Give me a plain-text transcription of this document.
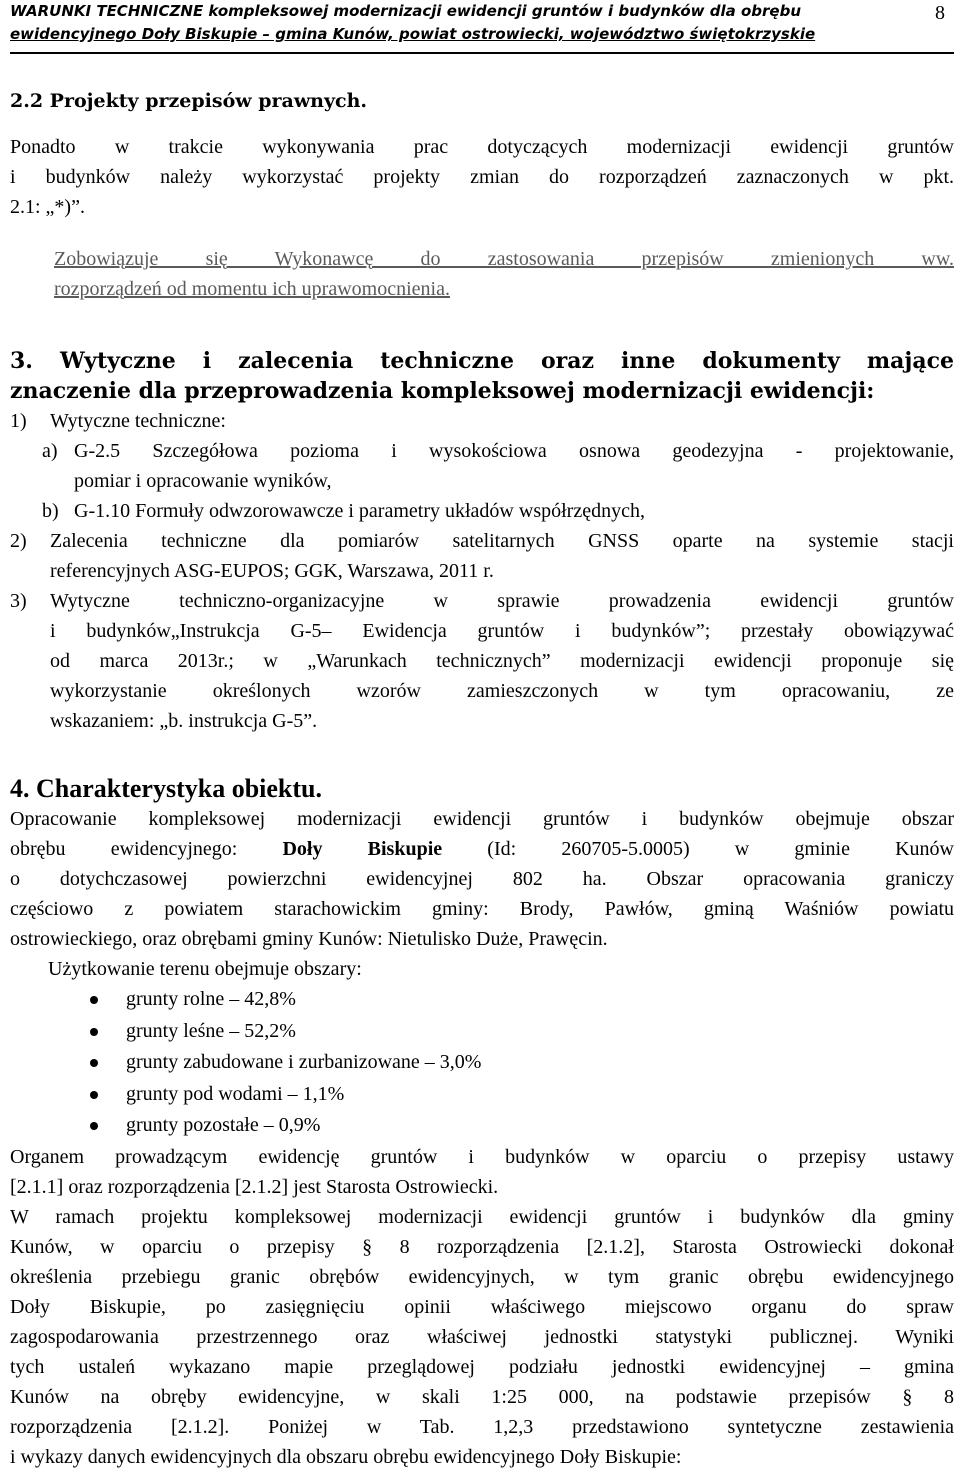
WARUNKI TECHNICZNE kompleksowej modernizacji ewidencji gruntów i budynków dla obrębu
ewidencyjnego Doły Biskupie – gmina Kunów, powiat ostrowiecki, województwo świętokrzyskie
8

2.2 Projekty przepisów prawnych.

Ponadto w trakcie wykonywania prac dotyczących modernizacji ewidencji gruntów

i budynków należy wykorzystać projekty zmian do rozporządzeń zaznaczonych w pkt.

2.1: „*)”.

Zobowiązuje się Wykonawcę do zastosowania przepisów zmienionych ww.

rozporządzeń od momentu ich uprawomocnienia.

3. Wytyczne i zalecenia techniczne oraz inne dokumenty mające

znaczenie dla przeprowadzenia kompleksowej modernizacji ewidencji:

1) Wytyczne techniczne:
a) G-2.5 Szczegółowa pozioma i wysokościowa osnowa geodezyjna - projektowanie,

pomiar i opracowanie wyników,

b) G-1.10 Formuły odwzorowawcze i parametry układów współrzędnych,
2) Zalecenia techniczne dla pomiarów satelitarnych GNSS oparte na systemie stacji

referencyjnych ASG-EUPOS; GGK, Warszawa, 2011 r.

3) Wytyczne techniczno-organizacyjne w sprawie prowadzenia ewidencji gruntów

i budynków„Instrukcja G-5– Ewidencja gruntów i budynków”; przestały obowiązywać

od marca 2013r.; w „Warunkach technicznych” modernizacji ewidencji proponuje się

wykorzystanie określonych wzorów zamieszczonych w tym opracowaniu, ze

wskazaniem: „b. instrukcja G-5”.

4. Charakterystyka obiektu.

Opracowanie kompleksowej modernizacji ewidencji gruntów i budynków obejmuje obszar

obrębu ewidencyjnego: Doły Biskupie (Id: 260705-5.0005) w gminie Kunów

o dotychczasowej powierzchni ewidencyjnej 802 ha. Obszar opracowania graniczy

częściowo z powiatem starachowickim gminy: Brody, Pawłów, gminą Waśniów powiatu

ostrowieckiego, oraz obrębami gminy Kunów: Nietulisko Duże, Prawęcin.

Użytkowanie terenu obejmuje obszary:

grunty rolne – 42,8%
grunty leśne – 52,2%
grunty zabudowane i zurbanizowane – 3,0%
grunty pod wodami – 1,1%
grunty pozostałe – 0,9%

Organem prowadzącym ewidencję gruntów i budynków w oparciu o przepisy ustawy

[2.1.1] oraz rozporządzenia [2.1.2] jest Starosta Ostrowiecki.

W ramach projektu kompleksowej modernizacji ewidencji gruntów i budynków dla gminy

Kunów, w oparciu o przepisy § 8 rozporządzenia [2.1.2], Starosta Ostrowiecki dokonał

określenia przebiegu granic obrębów ewidencyjnych, w tym granic obrębu ewidencyjnego

Doły Biskupie, po zasięgnięciu opinii właściwego miejscowo organu do spraw

zagospodarowania przestrzennego oraz właściwej jednostki statystyki publicznej. Wyniki

tych ustaleń wykazano mapie przeglądowej podziału jednostki ewidencyjnej – gmina

Kunów na obręby ewidencyjne, w skali 1:25 000, na podstawie przepisów § 8

rozporządzenia [2.1.2]. Poniżej w Tab. 1,2,3 przedstawiono syntetyczne zestawienia

i wykazy danych ewidencyjnych dla obszaru obrębu ewidencyjnego Doły Biskupie:
